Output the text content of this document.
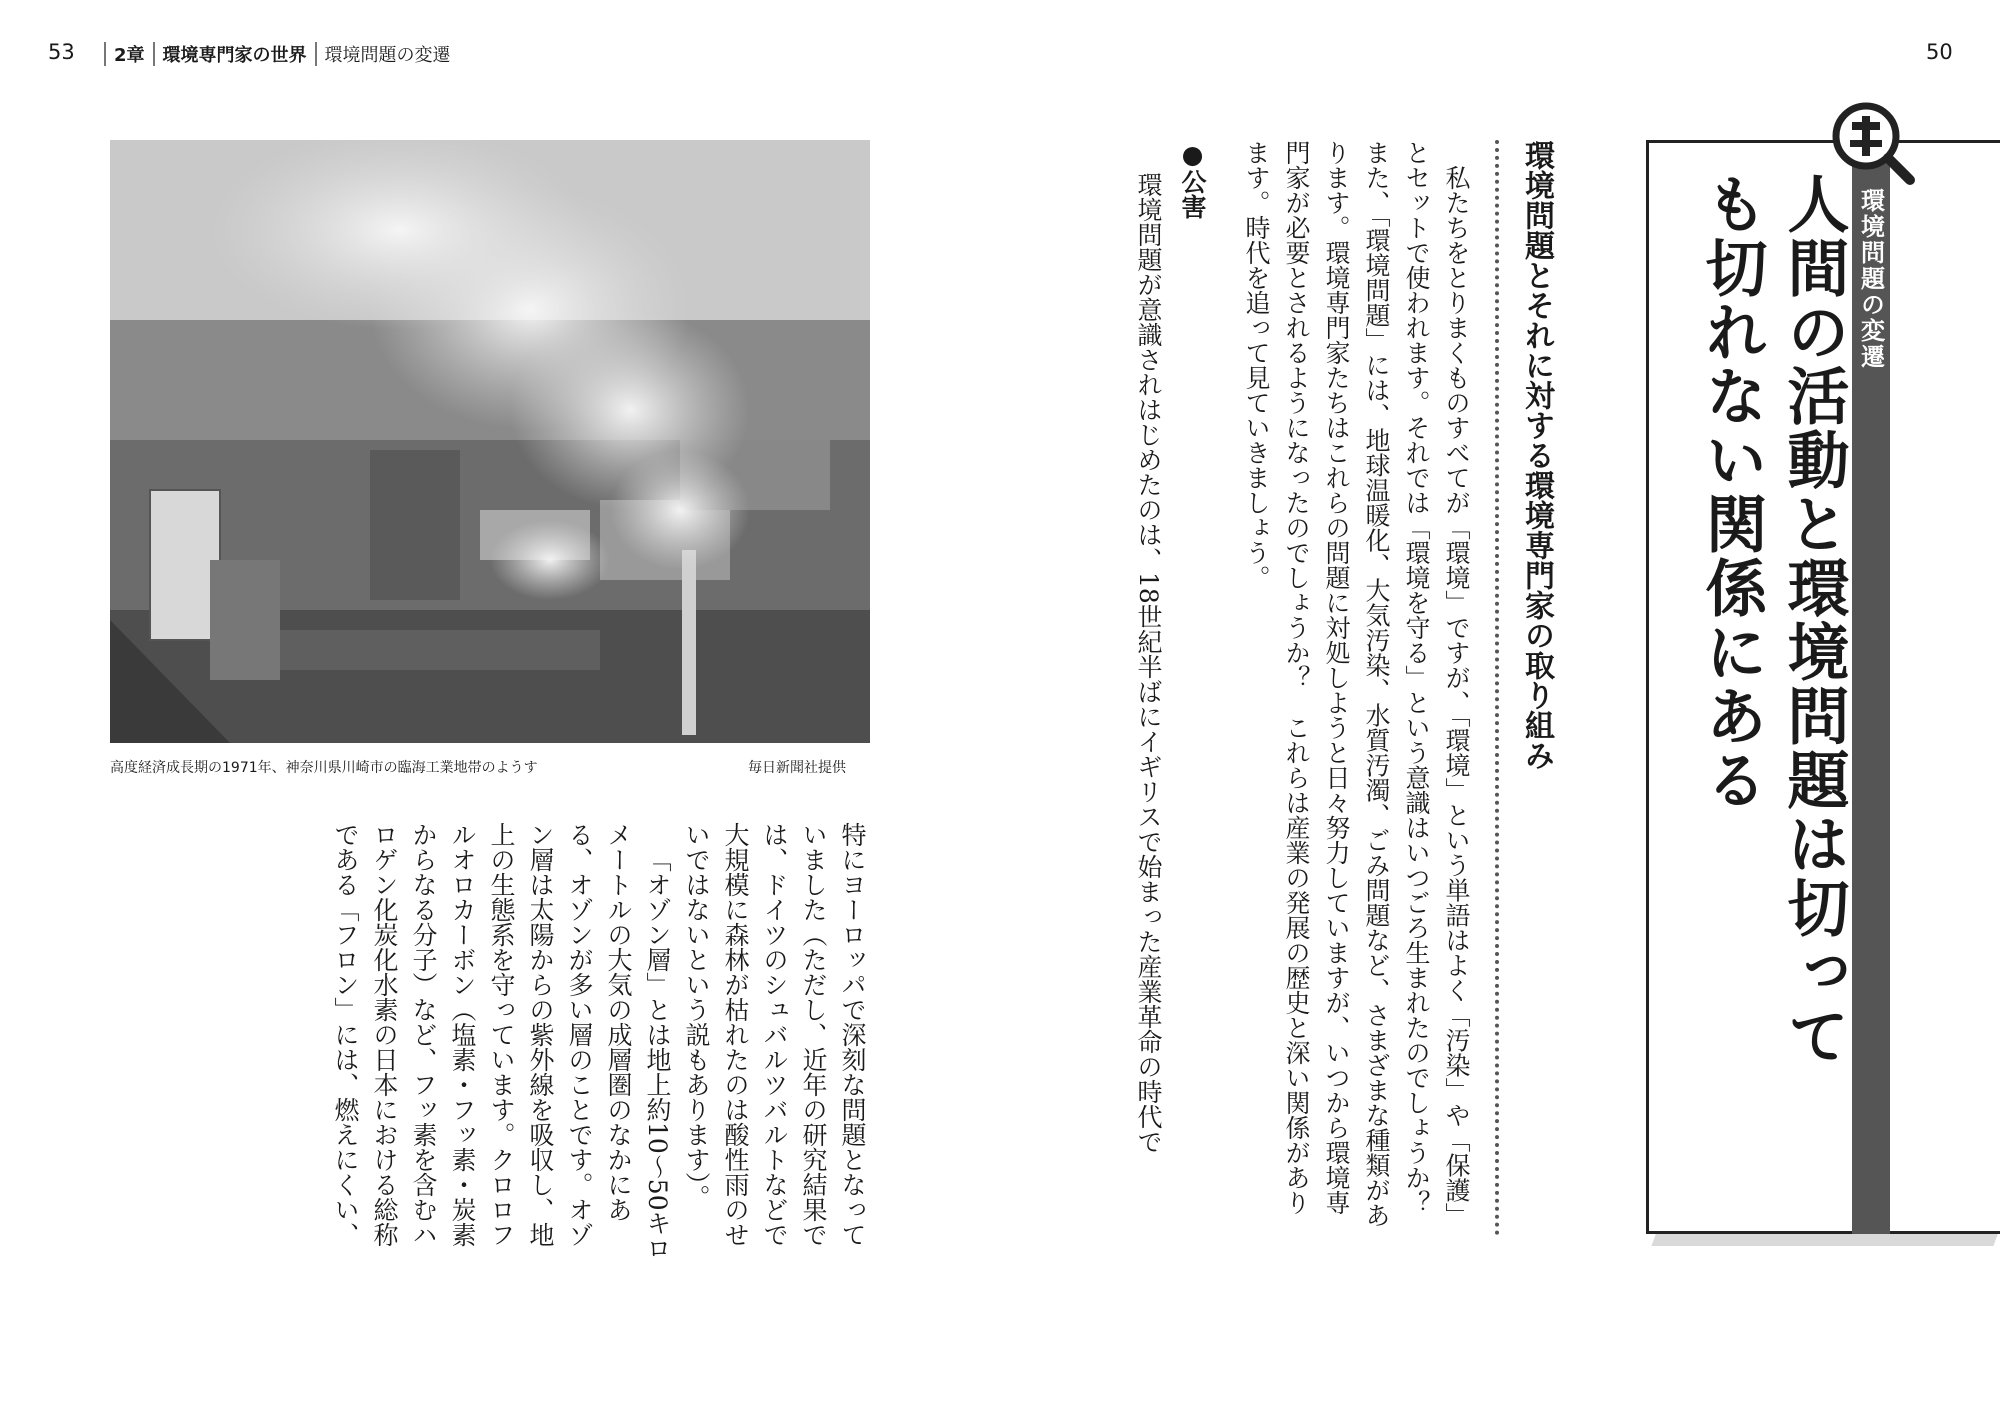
53 2章 環境専門家の世界 環境問題の変遷
高度経済成長期の1971年、神奈川県川崎市の臨海工業地帯のようす	毎日新聞社提供

特にヨーロッパで深刻な問題となっていました（ただし、近年の研究結果では、ドイツのシュバルツバルトなどで大規模に森林が枯れたのは酸性雨のせいではないという説もあります）。

「オゾン層」とは地上約10〜50キロメートルの大気の成層圏のなかにある、オゾンが多い層のことです。オゾン層は太陽からの紫外線を吸収し、地上の生態系を守っています。クロロフルオロカーボン（塩素・フッ素・炭素からなる分子）など、フッ素を含むハロゲン化炭化水素の日本における総称である「フロン」には、燃えにくい、

50
環境問題が意識されはじめたのは、18世紀半ばにイギリスで始まった産業革命の時代で ●公害	私たちをとりまくものすべてが「環境」ですが、「環境」という単語はよく「汚染」や「保護」とセットで使われます。それでは「環境を守る」という意識はいつごろ生まれたのでしょうか？　また、「環境問題」には、地球温暖化、大気汚染、水質汚濁、ごみ問題など、さまざまな種類があります。環境専門家たちはこれらの問題に対処しようと日々努力していますが、いつから環境専門家が必要とされるようになったのでしょうか？　これらは産業の発展の歴史と深い関係があります。時代を追って見ていきましょう。	環境問題とそれに対する環境専門家の取り組み	人間の活動と環境問題は切っても切れない関係にある	環境問題の変遷
